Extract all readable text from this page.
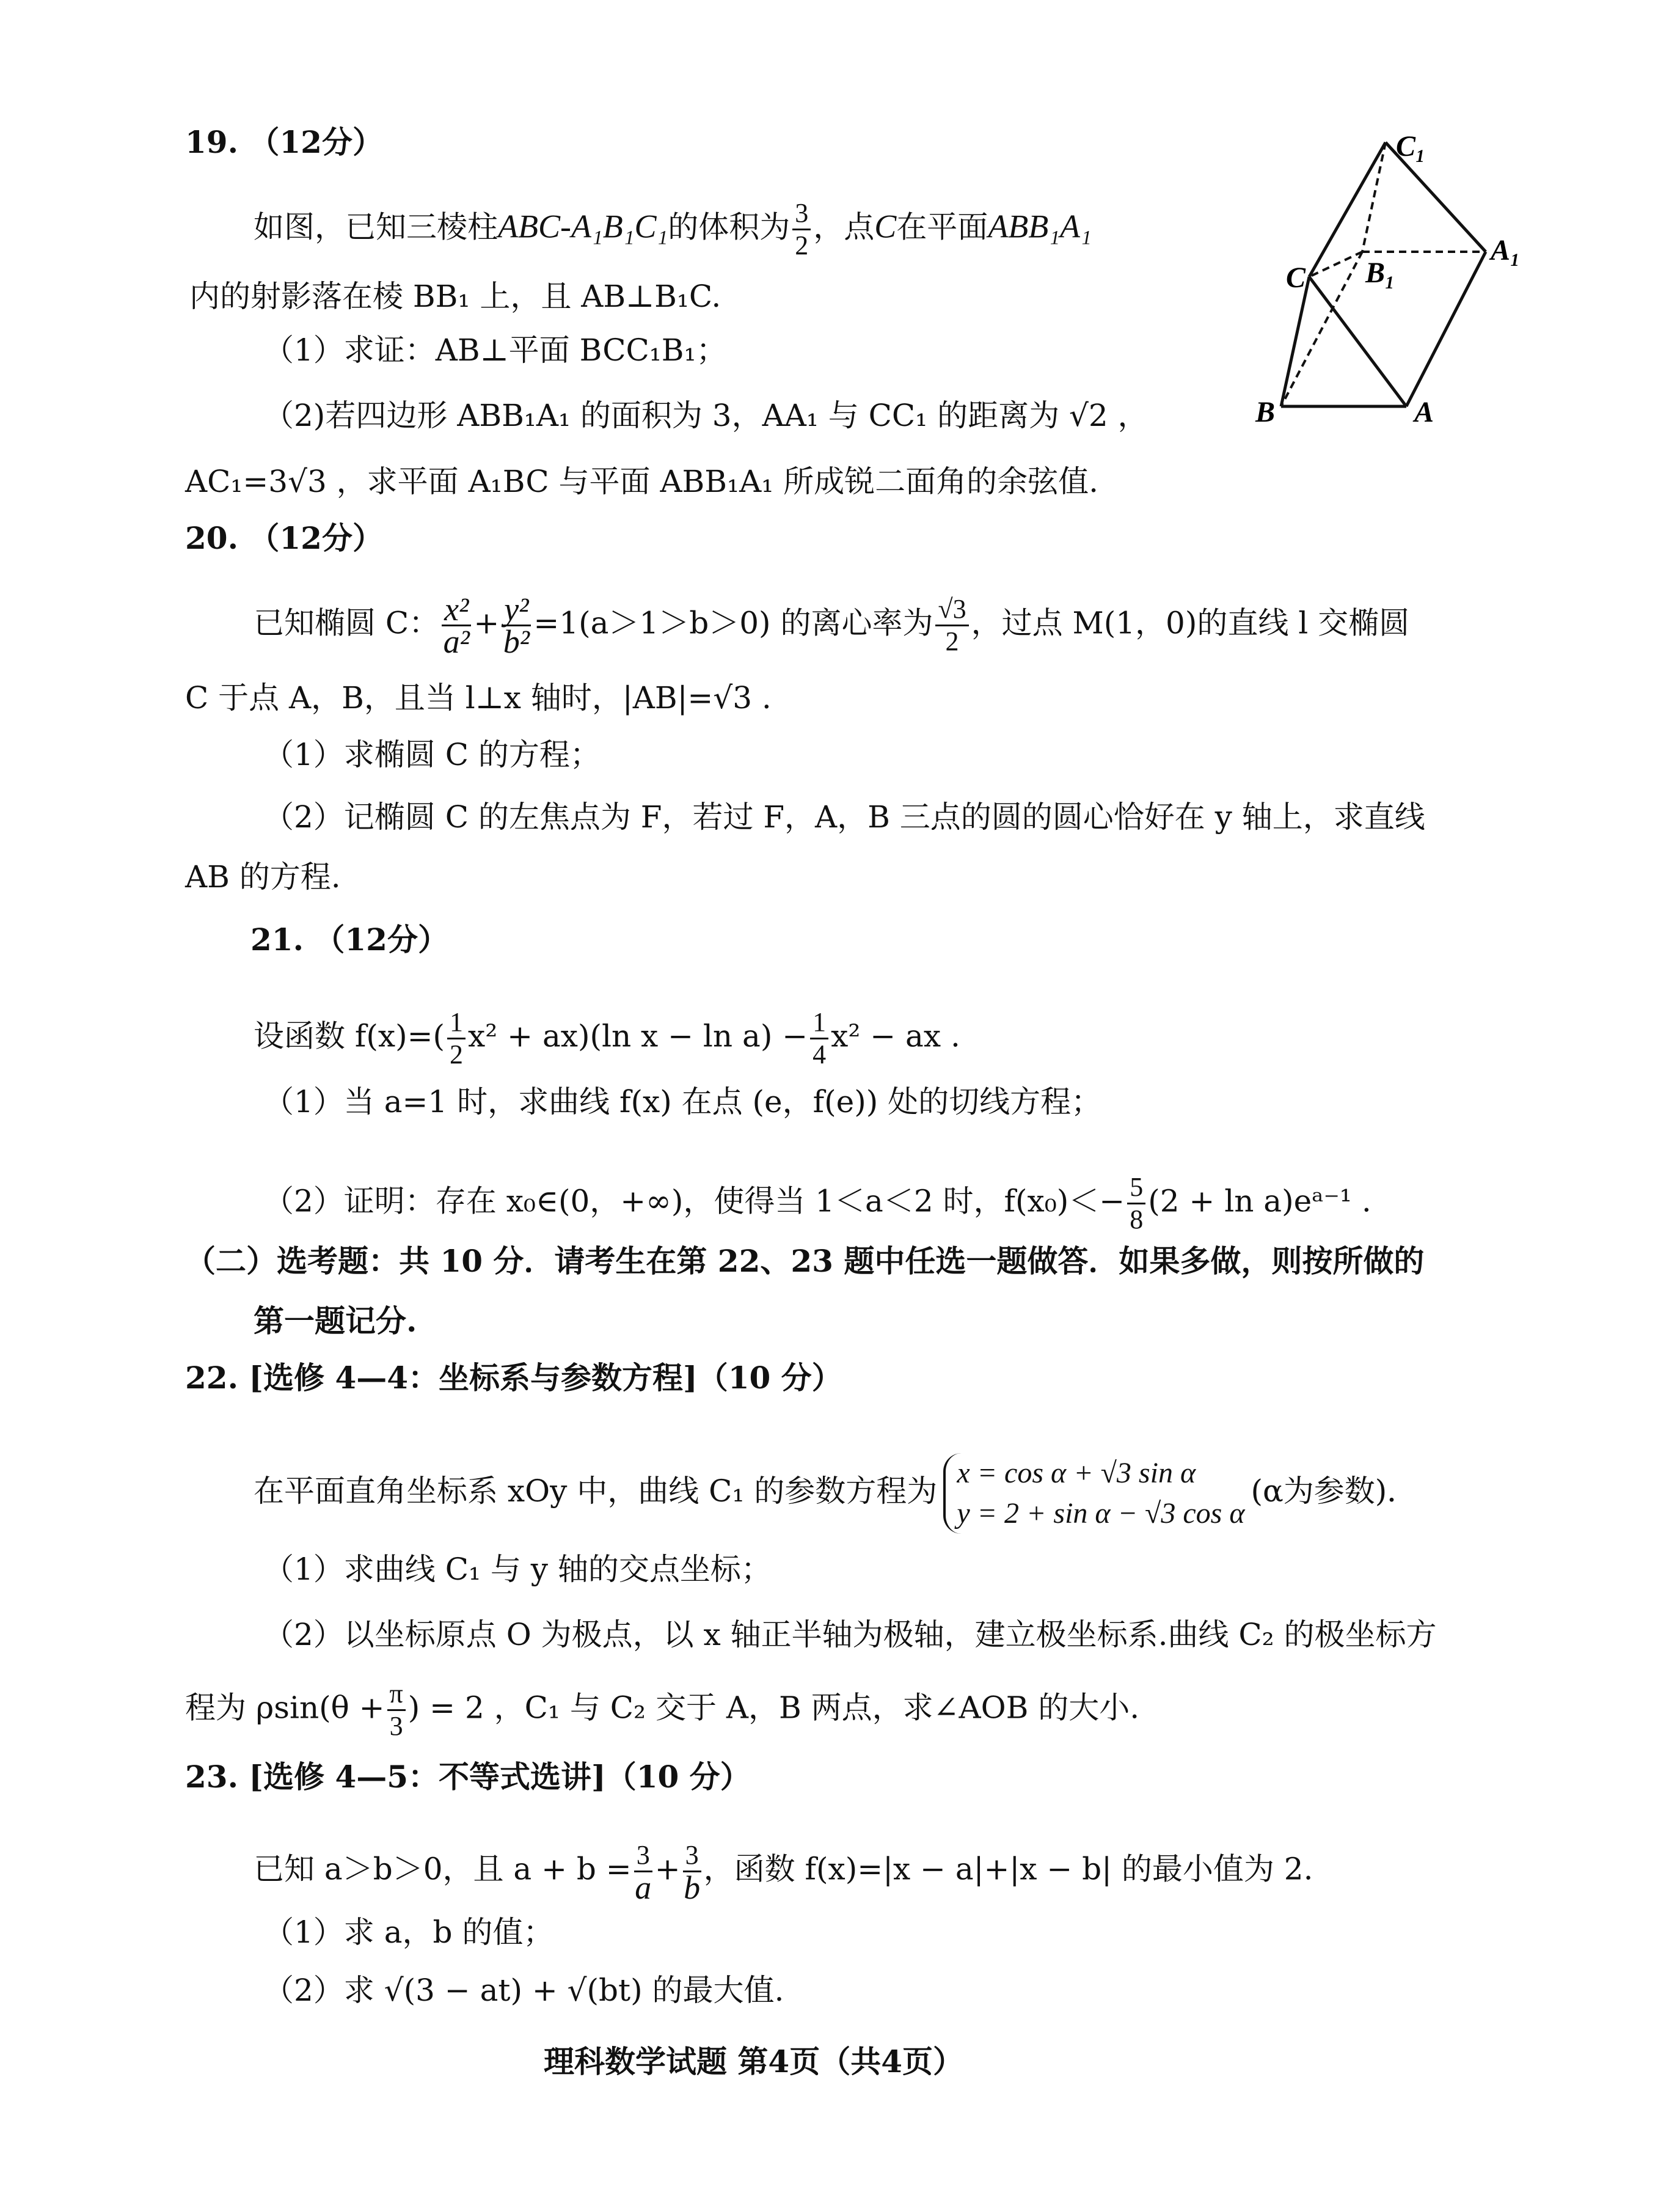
19. （12分）
如图，已知三棱柱ABC-A₁B₁C₁的体积为 $\frac{3}{2}$ ，点C在平面ABB₁A₁
内的射影落在棱 BB₁ 上，且 AB⊥B₁C.
（1）求证：AB⊥平面 BCC₁B₁；
（2)若四边形 ABB₁A₁ 的面积为 3，AA₁ 与 CC₁ 的距离为 √2 ，
AC₁=3√3 ，求平面 A₁BC 与平面 ABB₁A₁ 所成锐二面角的余弦值.
C₁
A₁
B₁
C
B	A
20. （12分）
已知椭圆 C： $\frac{\text{x²}}{\text{a²}} + \frac{\text{y²}}{\text{b²}} =1(a>1>b>0)$ 的离心率为 $\frac{√3}{2}$ ，过点 M(1，0)的直线 l 交椭圆
C 于点 A，B，且当 l⊥x 轴时，|AB|=√3 .
（1）求椭圆 C 的方程；
（2）记椭圆 C 的左焦点为 F，若过 F，A，B 三点的圆的圆心恰好在 y 轴上，求直线
AB 的方程.
21. （12分）
设函数 $f(x)=( \frac{1}{2} x^2 + ax)(\ln$ $x - \ln a) - \frac{1}{4} x^2$ − ax .
（1）当 a=1 时，求曲线 f(x) 在点 (e，f(e)) 处的切线方程；
（2）证明：存在 x₀∈(0，+∞)，使得当 1＜a＜2 时，$f(x_0)<- \frac{5}{8} (2 + \ln$ a)eᵃ⁻¹ .
（二）选考题：共 10 分．请考生在第 22、23 题中任选一题做答．如果多做，则按所做的
第一题记分.
22. [选修 4—4：坐标系与参数方程]（10 分）
在平面直角坐标系 xOy 中，曲线 C₁ 的参数方程为
x = cos α + √3 sin α
y = 2 + sin α − √3 cos α
(α为参数)．
（1）求曲线 C₁ 与 y 轴的交点坐标；
（2）以坐标原点 O 为极点，以 x 轴正半轴为极轴，建立极坐标系.曲线 C₂ 的极坐标方
程为 $\rho\sin(\theta + \frac{\pi}{3}$ ) = 2 ，C₁ 与 C₂ 交于 A，B 两点，求∠AOB 的大小.
23. [选修 4—5：不等式选讲]（10 分）
已知 a＞b＞0，且 $a + b = \frac{3}{a} + \frac{3}{b}$ ，函数 f(x)=|x − a|+|x − b| 的最小值为 2.
（1）求 a，b 的值；
（2）求 √(3 − at) + √(bt) 的最大值.
理科数学试题 第4页（共4页）
